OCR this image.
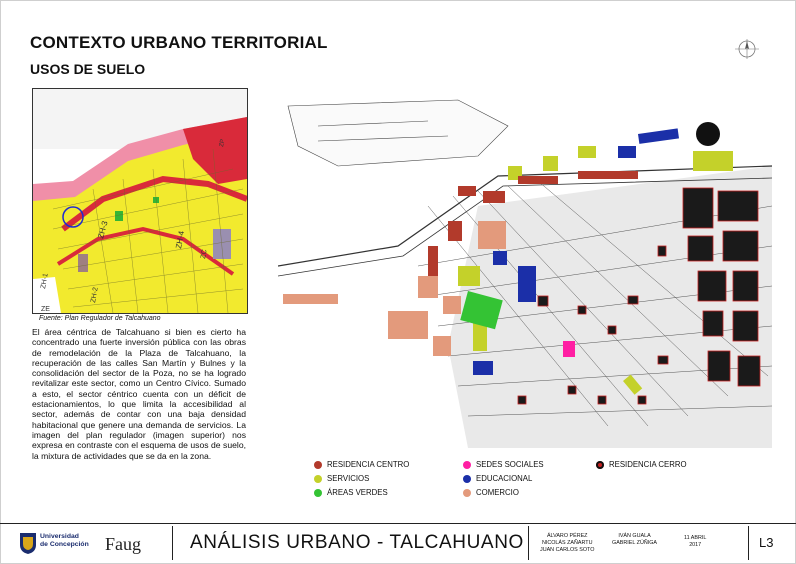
CONTEXTO URBANO TERRITORIAL
USOS DE SUELO
ZH-3
ZH-4
ZH-1
ZH-2
ZP
ZC
ZE
Fuente: Plan Regulador de Talcahuano
El área céntrica de Talcahuano si bien es cierto ha concentrado una fuerte inversión pública con las obras de remodelación de la Plaza de Talcahuano, la recuperación de las calles San Martín y Bulnes y la consolidación del sector de la Poza, no se ha logrado revitalizar este sector, como un Centro Cívico. Sumado a esto, el sector céntrico cuenta con un déficit de estacionamientos, lo que limita la accesibilidad al sector, además de contar con una baja densidad habitacional que genere una demanda de servicios. La imagen del plan regulador (imagen superior) nos expresa en contraste con el esquema de usos de suelo, la mixtura de actividades que se da en la zona.
RESIDENCIA CENTRO
SERVICIOS
ÁREAS VERDES
SEDES SOCIALES
EDUCACIONAL
COMERCIO
RESIDENCIA CERRO
Universidad
de Concepción Faug	ANÁLISIS URBANO - TALCAHUANO	ÁLVARO PÉREZ
NICOLÁS ZAÑARTU
JUAN CARLOS SOTO
IVÁN GUALA
GABRIEL ZÚÑIGA
11 ABRIL
2017	L3
